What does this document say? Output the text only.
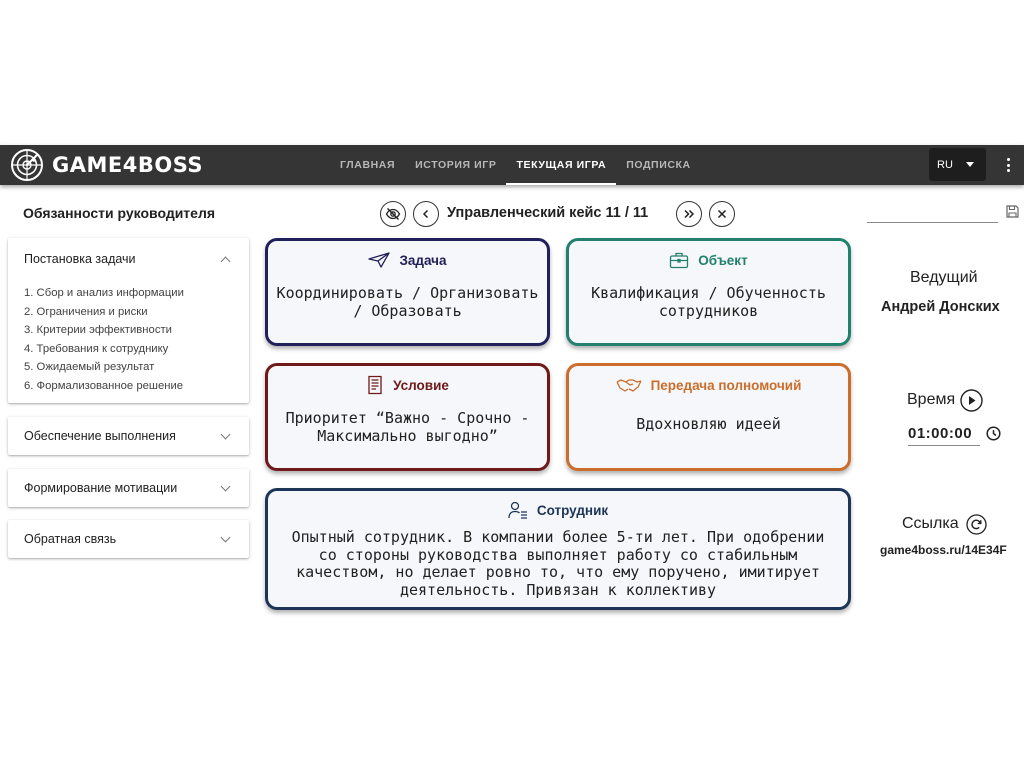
GAME4BOSS	ГЛАВНАЯ	ИСТОРИЯ ИГР	ТЕКУЩАЯ ИГРА	ПОДПИСКА	RU
Обязанности руководителя
Постановка задачи
1. Сбор и анализ информации
2. Ограничения и риски
3. Критерии эффективности
4. Требования к сотруднику
5. Ожидаемый результат
6. Формализованное решение
Обеспечение выполнения
Формирование мотивации
Обратная связь
Управленческий кейс 11 / 11
Задача
Координировать / Организовать / Образовать
Объект
Квалификация / Обученность сотрудников
Условие
Приоритет “Важно - Срочно - Максимально выгодно”
Передача полномочий
Вдохновляю идеей
Сотрудник
Опытный сотрудник. В компании более 5-ти лет. При одобрении со стороны руководства выполняет работу со стабильным качеством, но делает ровно то, что ему поручено, имитирует деятельность. Привязан к коллективу
Ведущий
Андрей Донских
Время
01:00:00
Ссылка
game4boss.ru/14E34F
